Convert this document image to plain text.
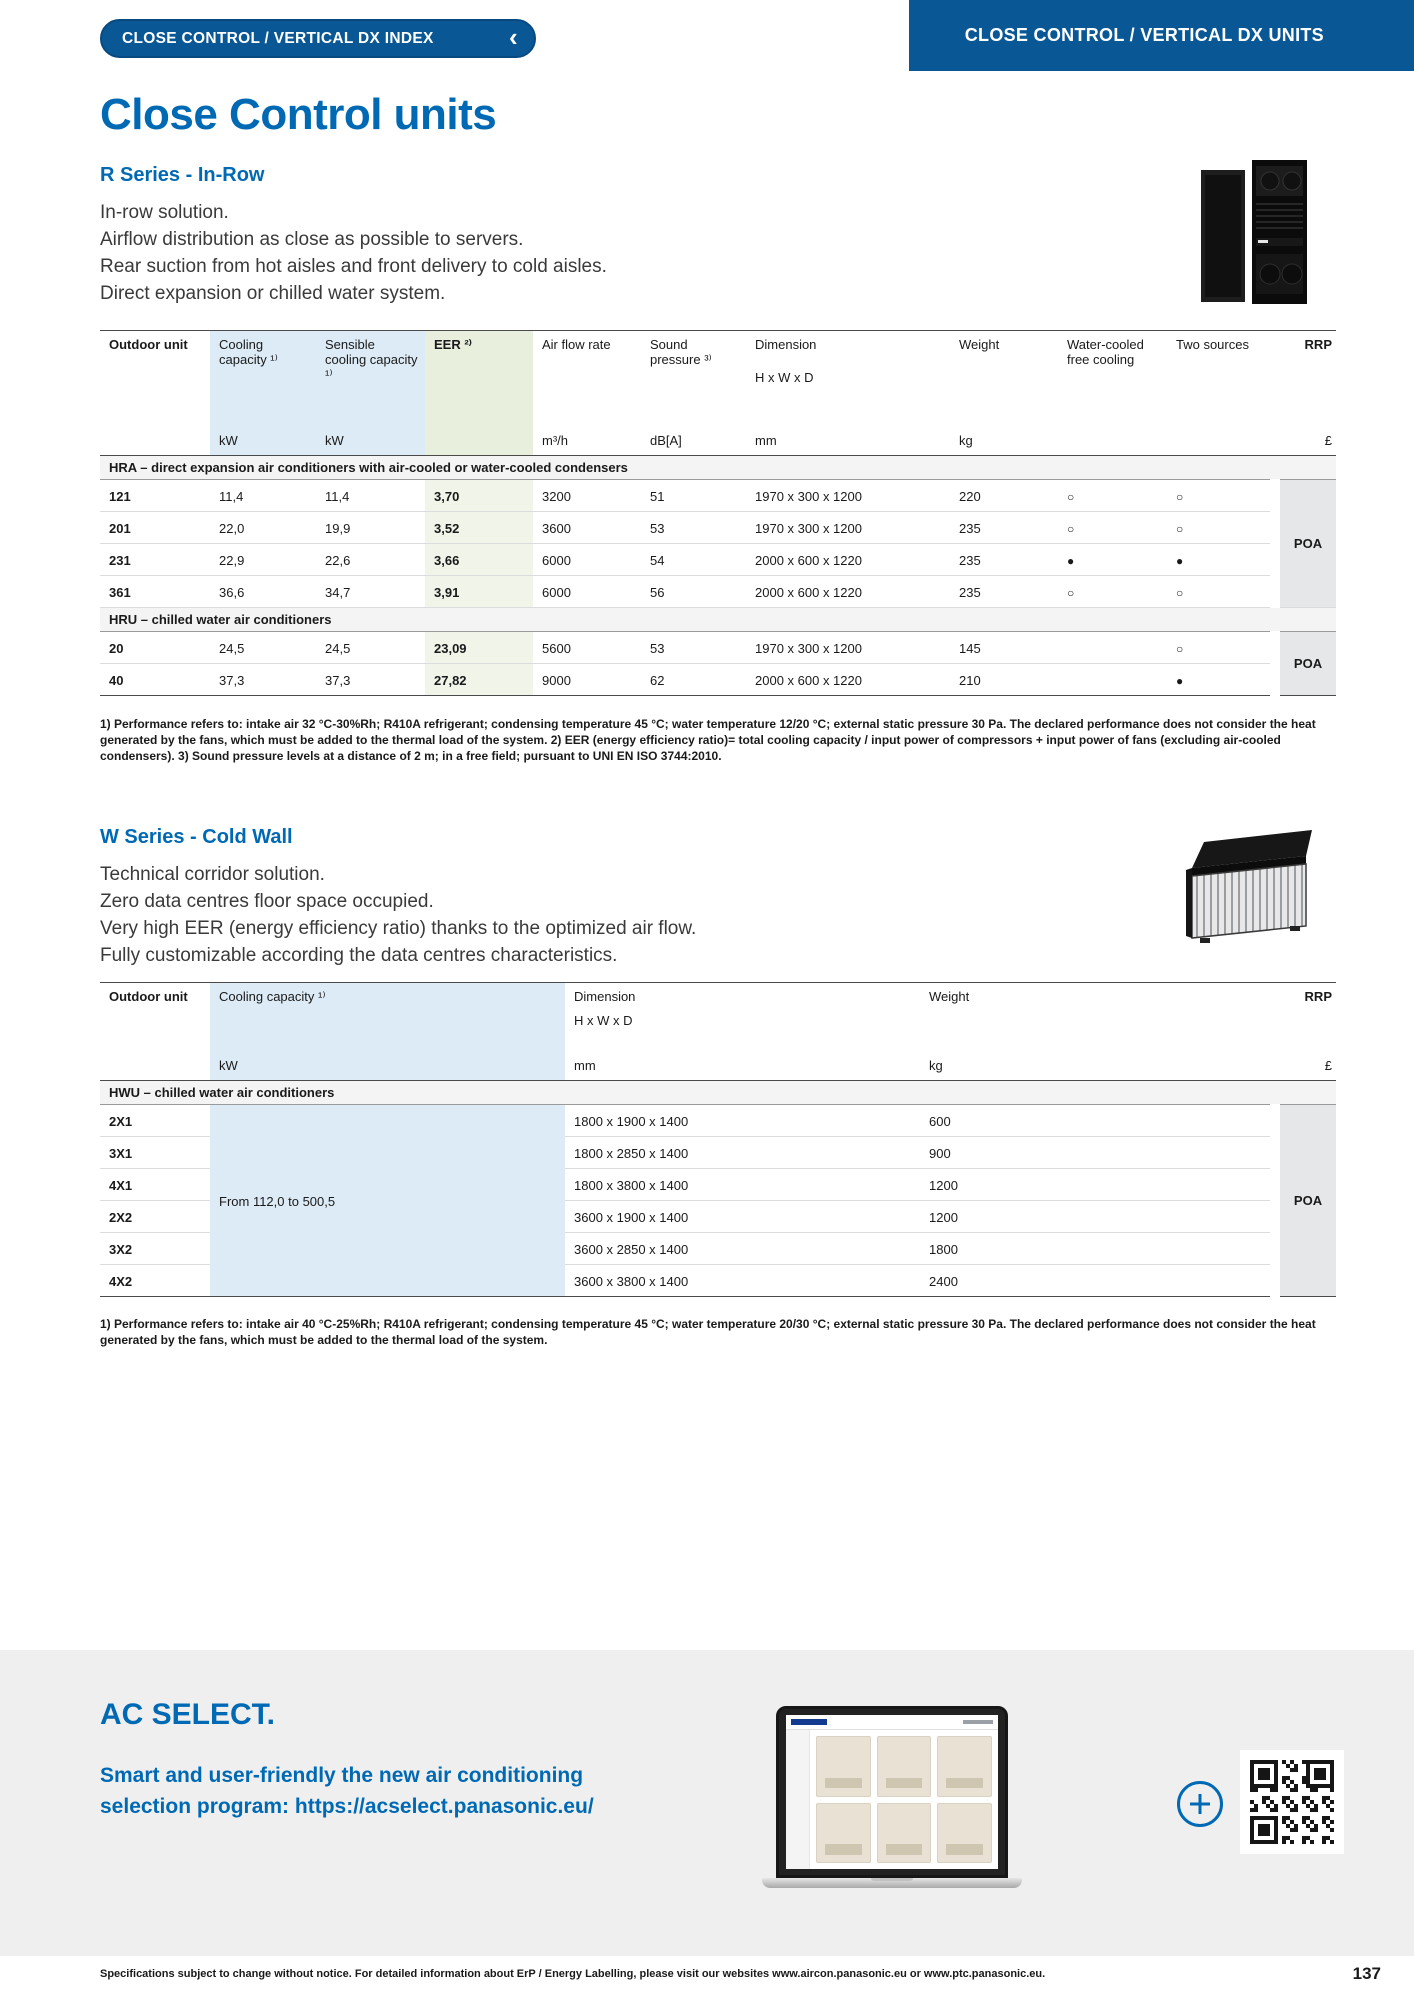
CLOSE CONTROL / VERTICAL DX INDEX	‹	CLOSE CONTROL / VERTICAL DX UNITS
Close Control units
R Series - In-Row
In-row solution.
Airflow distribution as close as possible to servers.
Rear suction from hot aisles and front delivery to cold aisles.
Direct expansion or chilled water system.
Outdoor unit	Cooling capacity ¹⁾	Sensible cooling capacity ¹⁾	EER ²⁾	Air flow rate	Sound pressure ³⁾	Dimension
H x W x D	Weight	Water-cooled free cooling	Two sources	RRP
	kW	kW		m³/h	dB[A]	mm	kg			£
HRA – direct expansion air conditioners with air-cooled or water-cooled condensers										
121	11,4	11,4	3,70	3200	51	1970 x 300 x 1200	220	○	○	POA
201	22,0	19,9	3,52	3600	53	1970 x 300 x 1200	235	○	○	
231	22,9	22,6	3,66	6000	54	2000 x 600 x 1220	235	●	●	
361	36,6	34,7	3,91	6000	56	2000 x 600 x 1220	235	○	○	
HRU – chilled water air conditioners										
20	24,5	24,5	23,09	5600	53	1970 x 300 x 1200	145		○	POA
40	37,3	37,3	27,82	9000	62	2000 x 600 x 1220	210		●	
1) Performance refers to: intake air 32 °C-30%Rh; R410A refrigerant; condensing temperature 45 °C; water temperature 12/20 °C; external static pressure 30 Pa. The declared performance does not consider the heat generated by the fans, which must be added to the thermal load of the system. 2) EER (energy efficiency ratio)= total cooling capacity / input power of compressors + input power of fans (excluding air-cooled condensers). 3) Sound pressure levels at a distance of 2 m; in a free field; pursuant to UNI EN ISO 3744:2010.
W Series - Cold Wall
Technical corridor solution.
Zero data centres floor space occupied.
Very high EER (energy efficiency ratio) thanks to the optimized air flow.
Fully customizable according the data centres characteristics.
Outdoor unit	Cooling capacity ¹⁾	Dimension
H x W x D	Weight	RRP
	kW	mm	kg	£
HWU – chilled water air conditioners				
2X1	From 112,0 to 500,5	1800 x 1900 x 1400	600	POA
3X1		1800 x 2850 x 1400	900	
4X1		1800 x 3800 x 1400	1200	
2X2		3600 x 1900 x 1400	1200	
3X2		3600 x 2850 x 1400	1800	
4X2		3600 x 3800 x 1400	2400	
1) Performance refers to: intake air 40 °C-25%Rh; R410A refrigerant; condensing temperature 45 °C; water temperature 20/30 °C; external static pressure 30 Pa. The declared performance does not consider the heat generated by the fans, which must be added to the thermal load of the system.
AC SELECT.
Smart and user-friendly the new air conditioning
selection program: https://acselect.panasonic.eu/
Specifications subject to change without notice. For detailed information about ErP / Energy Labelling, please visit our websites www.aircon.panasonic.eu or www.ptc.panasonic.eu.	137
